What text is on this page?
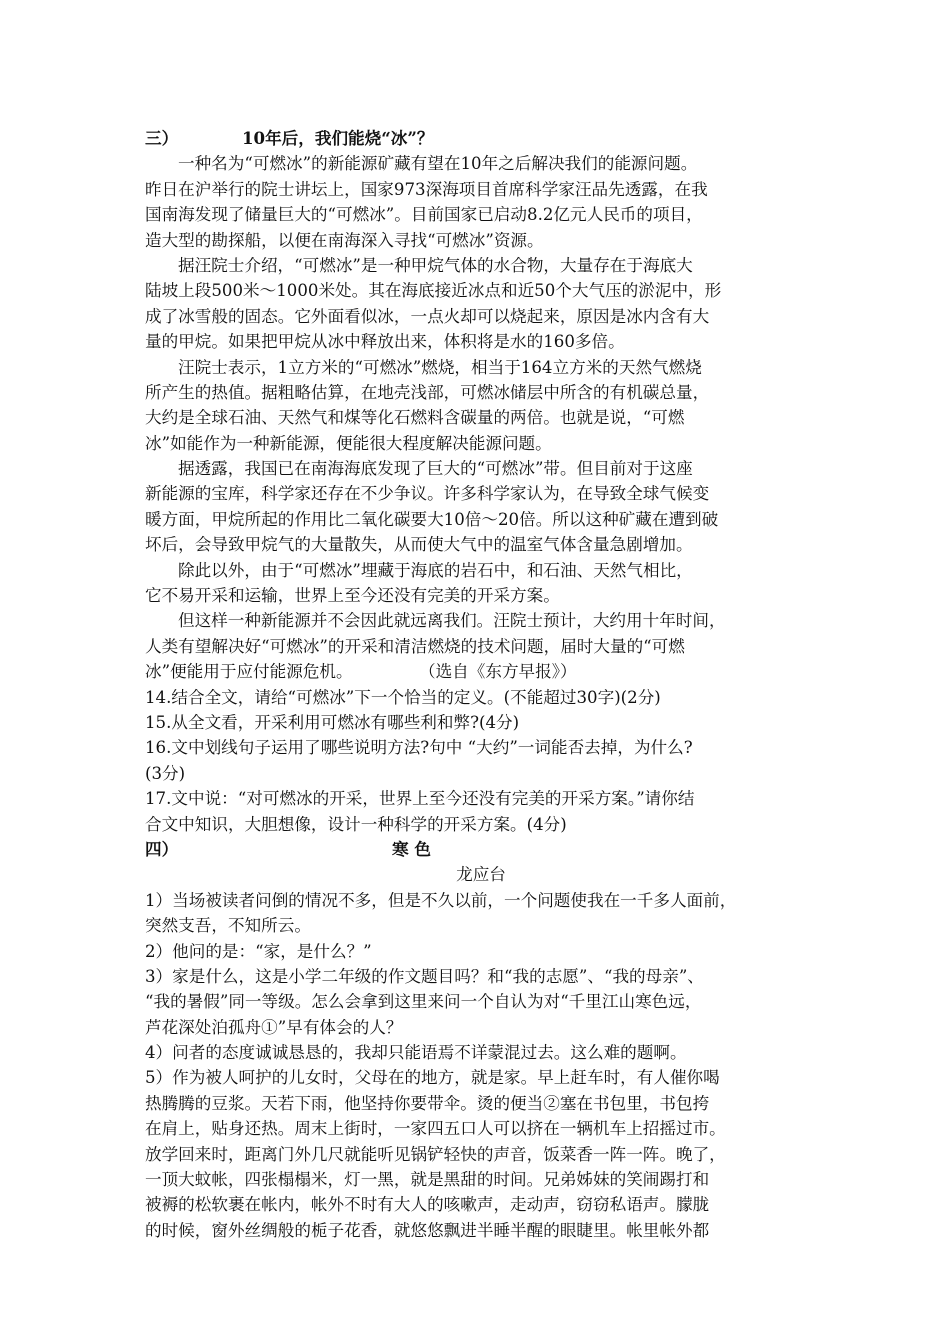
三）	10年后，我们能烧“冰”？
一种名为“可燃冰”的新能源矿藏有望在10年之后解决我们的能源问题。
昨日在沪举行的院士讲坛上，国家973深海项目首席科学家汪品先透露，在我
国南海发现了储量巨大的“可燃冰”。目前国家已启动8.2亿元人民币的项目，
造大型的勘探船，以便在南海深入寻找“可燃冰”资源。
据汪院士介绍，“可燃冰”是一种甲烷气体的水合物，大量存在于海底大
陆坡上段500米～1000米处。其在海底接近冰点和近50个大气压的淤泥中，形
成了冰雪般的固态。它外面看似冰，一点火却可以烧起来，原因是冰内含有大
量的甲烷。如果把甲烷从冰中释放出来，体积将是水的160多倍。
汪院士表示，1立方米的“可燃冰”燃烧，相当于164立方米的天然气燃烧
所产生的热值。据粗略估算，在地壳浅部，可燃冰储层中所含的有机碳总量，
大约是全球石油、天然气和煤等化石燃料含碳量的两倍。也就是说，“可燃
冰”如能作为一种新能源，便能很大程度解决能源问题。
据透露，我国已在南海海底发现了巨大的“可燃冰”带。但目前对于这座
新能源的宝库，科学家还存在不少争议。许多科学家认为，在导致全球气候变
暖方面，甲烷所起的作用比二氧化碳要大10倍～20倍。所以这种矿藏在遭到破
坏后，会导致甲烷气的大量散失，从而使大气中的温室气体含量急剧增加。
除此以外，由于“可燃冰”埋藏于海底的岩石中，和石油、天然气相比，
它不易开采和运输，世界上至今还没有完美的开采方案。
但这样一种新能源并不会因此就远离我们。汪院士预计，大约用十年时间，
人类有望解决好“可燃冰”的开采和清洁燃烧的技术问题，届时大量的“可燃
冰”便能用于应付能源危机。　　　　　（选自《东方早报》）
14.结合全文，请给“可燃冰”下一个恰当的定义。(不能超过30字)(2分)
15.从全文看，开采利用可燃冰有哪些利和弊?(4分)
16.文中划线句子运用了哪些说明方法?句中 “大约”一词能否去掉，为什么?
(3分)
17.文中说：“对可燃冰的开采，世界上至今还没有完美的开采方案。”请你结
合文中知识，大胆想像，设计一种科学的开采方案。(4分)
四）	寒 色
龙应台
1）当场被读者问倒的情况不多，但是不久以前，一个问题使我在一千多人面前，
突然支吾，不知所云。
2）他问的是：“家，是什么？”
3）家是什么，这是小学二年级的作文题目吗？和“我的志愿”、“我的母亲”、
“我的暑假”同一等级。怎么会拿到这里来问一个自认为对“千里江山寒色远，
芦花深处泊孤舟①”早有体会的人？
4）问者的态度诚诚恳恳的，我却只能语焉不详蒙混过去。这么难的题啊。
5）作为被人呵护的儿女时，父母在的地方，就是家。早上赶车时，有人催你喝
热腾腾的豆浆。天若下雨，他坚持你要带伞。烫的便当②塞在书包里，书包挎
在肩上，贴身还热。周末上街时，一家四五口人可以挤在一辆机车上招摇过市。
放学回来时，距离门外几尺就能听见锅铲轻快的声音，饭菜香一阵一阵。晚了，
一顶大蚊帐，四张榻榻米，灯一黑，就是黑甜的时间。兄弟姊妹的笑闹踢打和
被褥的松软裹在帐内，帐外不时有大人的咳嗽声，走动声，窃窃私语声。朦胧
的时候，窗外丝绸般的栀子花香，就悠悠飘进半睡半醒的眼睫里。帐里帐外都
